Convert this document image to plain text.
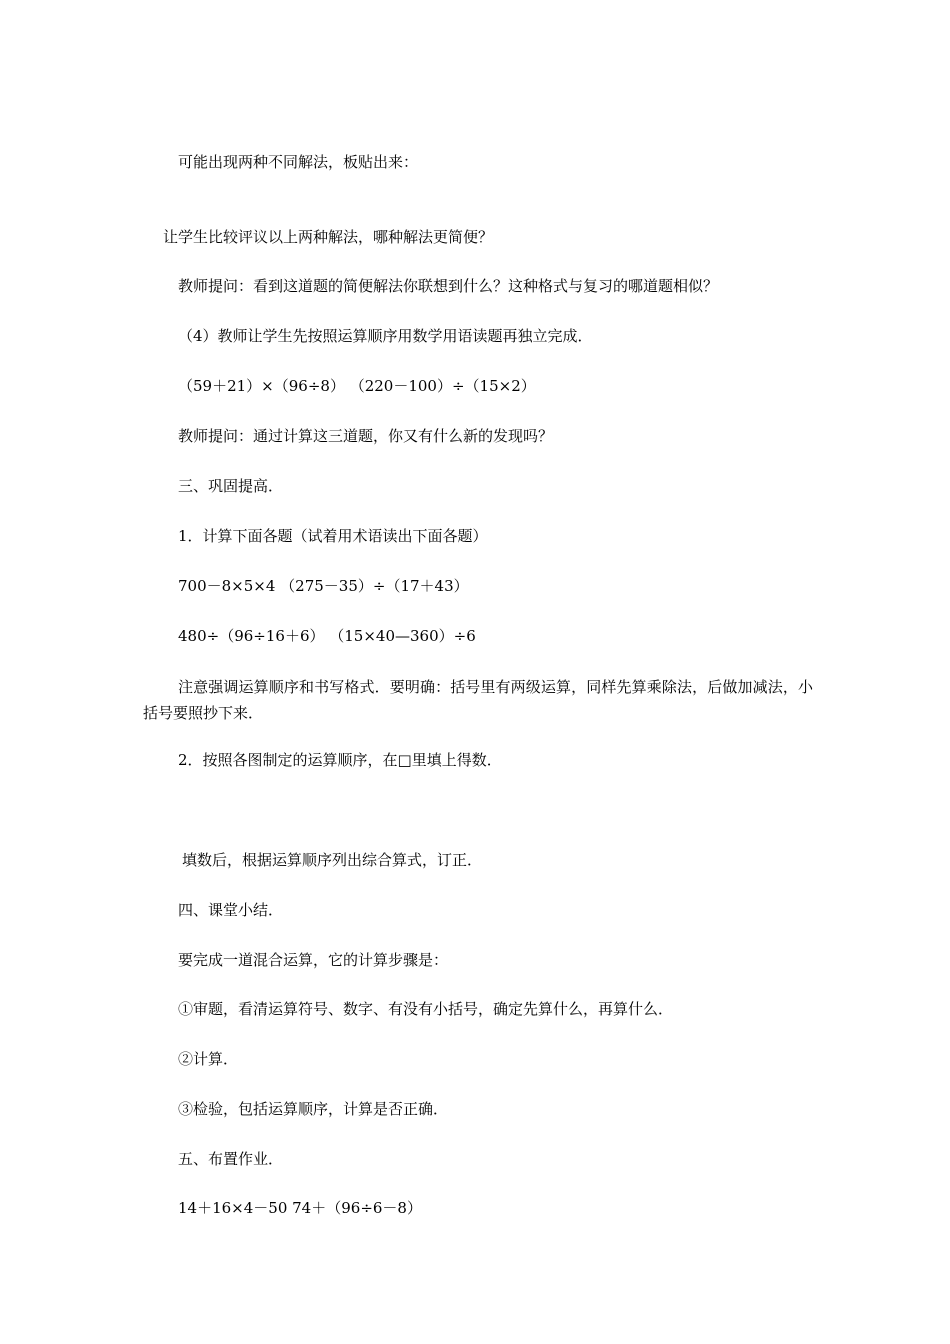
可能出现两种不同解法，板贴出来：
让学生比较评议以上两种解法，哪种解法更简便？
教师提问：看到这道题的简便解法你联想到什么？这种格式与复习的哪道题相似？
（4）教师让学生先按照运算顺序用数学用语读题再独立完成．
（59＋21）×（96÷8） （220－100）÷（15×2）
教师提问：通过计算这三道题，你又有什么新的发现吗？
三、巩固提高．
1．计算下面各题（试着用术语读出下面各题）
700－8×5×4 （275－35）÷（17＋43）
480÷（96÷16＋6） （15×40—360）÷6
注意强调运算顺序和书写格式．要明确：括号里有两级运算，同样先算乘除法，后做加减法，小括号要照抄下来．
2．按照各图制定的运算顺序，在□里填上得数．
填数后，根据运算顺序列出综合算式，订正．
四、课堂小结．
要完成一道混合运算，它的计算步骤是：
①审题，看清运算符号、数字、有没有小括号，确定先算什么，再算什么．
②计算．
③检验，包括运算顺序，计算是否正确．
五、布置作业．
14＋16×4－50 74＋（96÷6－8）
